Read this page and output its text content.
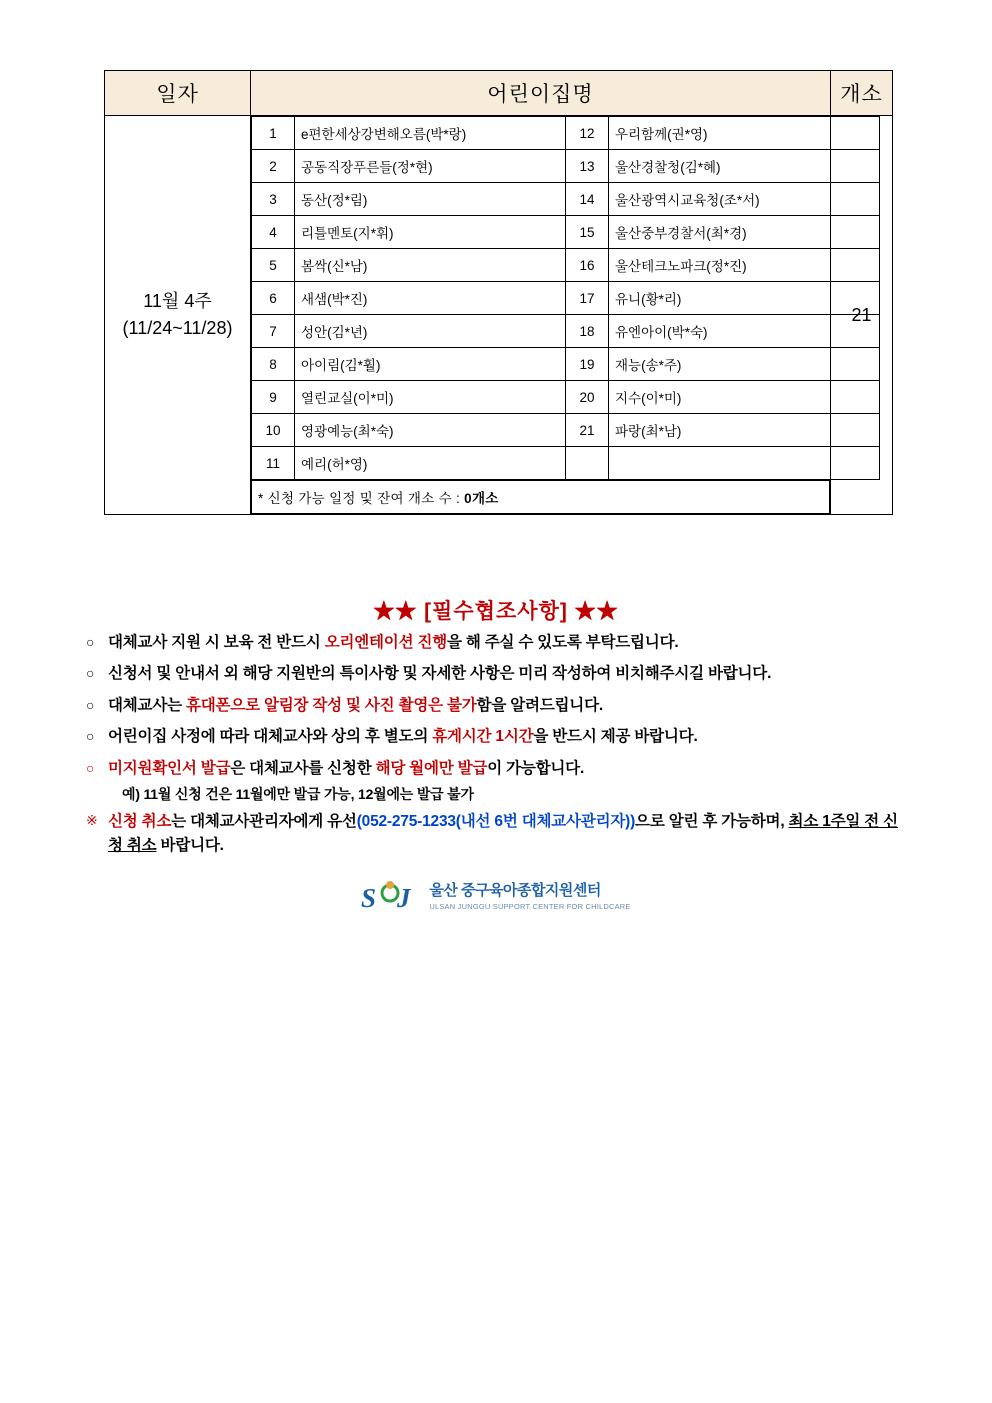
일자	어린이집명	개소

11월 4주
(11/24~11/28)

1	e편한세상강변해오름(박*랑)	12	우리함께(권*영)
2	공동직장푸른들(정*현)	13	울산경찰청(김*혜)
3	동산(정*림)	14	울산광역시교육청(조*서)
4	리틀멘토(지*휘)	15	울산중부경찰서(최*경)
5	봄싹(신*남)	16	울산테크노파크(정*진)
6	새샘(박*진)	17	유니(황*리)
7	성안(김*년)	18	유엔아이(박*숙)
8	아이림(김*훨)	19	재능(송*주)
9	열린교실(이*미)	20	지수(이*미)
10	영광예능(최*숙)	21	파랑(최*남)
11	예리(허*영)		
* 신청 가능 일정 및 잔여 개소 수 : 0개소
	21
★★ [필수협조사항] ★★
○ 대체교사 지원 시 보육 전 반드시 오리엔테이션 진행을 해 주실 수 있도록 부탁드립니다.
○ 신청서 및 안내서 외 해당 지원반의 특이사항 및 자세한 사항은 미리 작성하여 비치해주시길 바랍니다.
○ 대체교사는 휴대폰으로 알림장 작성 및 사진 촬영은 불가함을 알려드립니다.
○ 어린이집 사정에 따라 대체교사와 상의 후 별도의 휴게시간 1시간을 반드시 제공 바랍니다.
○ 미지원확인서 발급은 대체교사를 신청한 해당 월에만 발급이 가능합니다.
예) 11월 신청 건은 11월에만 발급 가능, 12월에는 발급 불가
※ 신청 취소는 대체교사관리자에게 유선(052-275-1233(내선 6번 대체교사관리자))으로 알린 후 가능하며, 최소 1주일 전 신청 취소 바랍니다.
S J 울산 중구육아종합지원센터
ULSAN JUNGGU SUPPORT CENTER FOR CHILDCARE
